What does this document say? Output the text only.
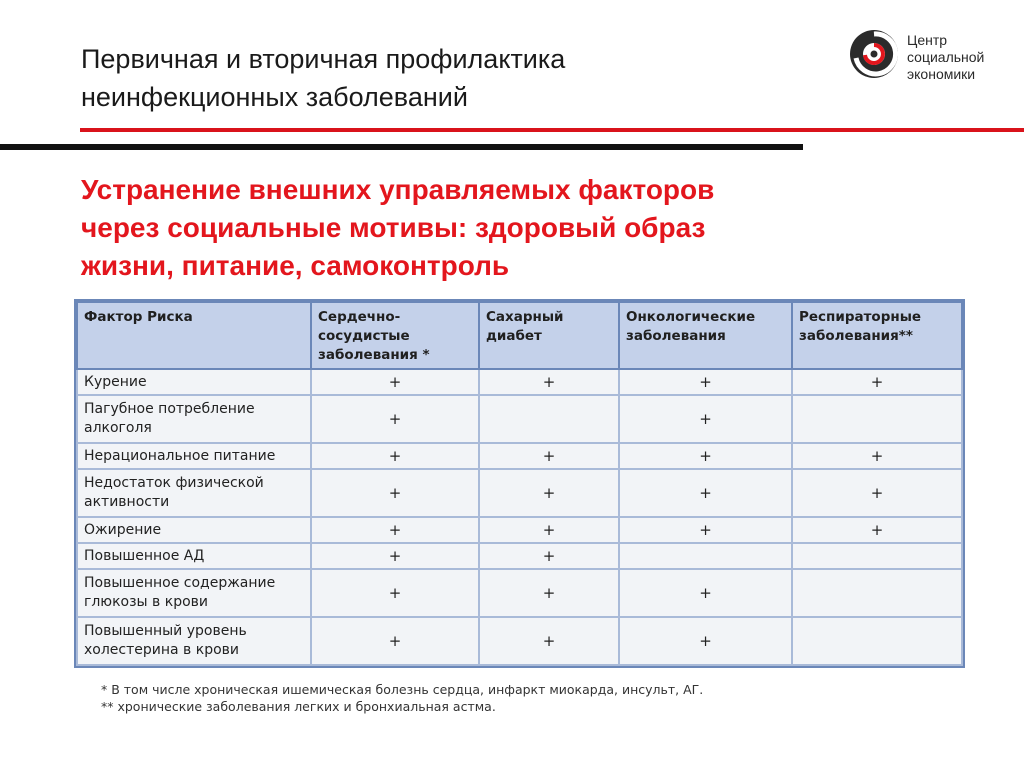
Первичная и вторичная профилактика
неинфекционных заболеваний
Центр
социальной
экономики
Устранение внешних управляемых факторов
через социальные мотивы: здоровый образ
жизни, питание, самоконтроль
Фактор Риска	Сердечно-сосудистые заболевания *	Сахарный диабет	Онкологические заболевания	Респираторные заболевания**
Курение	+	+	+	+
Пагубное потребление алкоголя	+		+	
Нерациональное питание	+	+	+	+
Недостаток физической активности	+	+	+	+
Ожирение	+	+	+	+
Повышенное АД	+	+		
Повышенное содержание глюкозы в крови	+	+	+	
Повышенный уровень холестерина в крови	+	+	+	
* В том числе хроническая ишемическая болезнь сердца, инфаркт миокарда, инсульт, АГ.
** хронические заболевания легких и бронхиальная астма.
